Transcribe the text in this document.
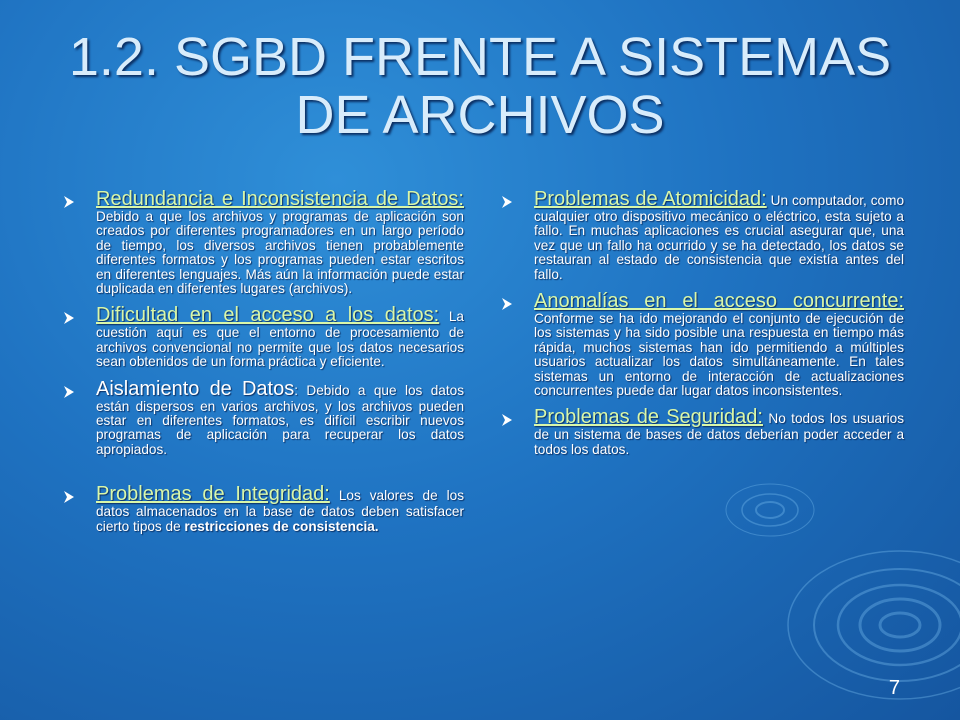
1.2. SGBD FRENTE A SISTEMAS DE ARCHIVOS
Redundancia e Inconsistencia de Datos: Debido a que los archivos y programas de aplicación son creados por diferentes programadores en un largo período de tiempo, los diversos archivos tienen probablemente diferentes formatos y los programas pueden estar escritos en diferentes lenguajes. Más aún la información puede estar duplicada en diferentes lugares (archivos).
Dificultad en el acceso a los datos: La cuestión aquí es que el entorno de procesamiento de archivos convencional no permite que los datos necesarios sean obtenidos de un forma práctica y eficiente.
Aislamiento de Datos: Debido a que los datos están dispersos en varios archivos, y los archivos pueden estar en diferentes formatos, es difícil escribir nuevos programas de aplicación para recuperar los datos apropiados.
Problemas de Integridad: Los valores de los datos almacenados en la base de datos deben satisfacer cierto tipos de restricciones de consistencia.
Problemas de Atomicidad: Un computador, como cualquier otro dispositivo mecánico o eléctrico, esta sujeto a fallo. En muchas aplicaciones es crucial asegurar que, una vez que un fallo ha ocurrido y se ha detectado, los datos se restauran al estado de consistencia que existía antes del fallo.
Anomalías en el acceso concurrente: Conforme se ha ido mejorando el conjunto de ejecución de los sistemas y ha sido posible una respuesta en tiempo más rápida, muchos sistemas han ido permitiendo a múltiples usuarios actualizar los datos simultáneamente. En tales sistemas un entorno de interacción de actualizaciones concurrentes puede dar lugar datos inconsistentes.
Problemas de Seguridad: No todos los usuarios de un sistema de bases de datos deberían poder acceder a todos los datos.
7
